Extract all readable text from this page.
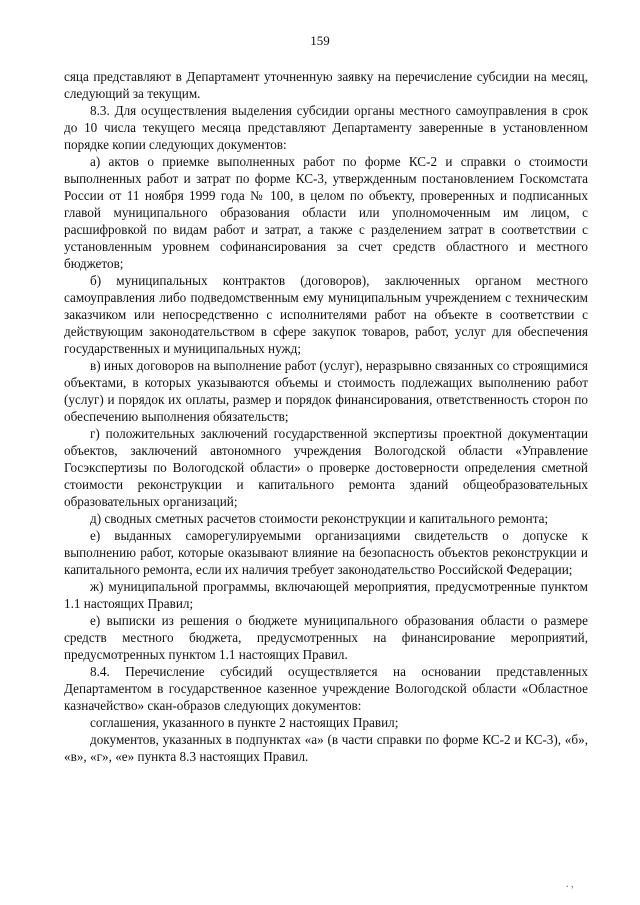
159

сяца представляют в Департамент уточненную заявку на перечисление субсидии на месяц, следующий за текущим.

8.3. Для осуществления выделения субсидии органы местного самоуправления в срок до 10 числа текущего месяца представляют Департаменту заверенные в установленном порядке копии следующих документов:

а) актов о приемке выполненных работ по форме КС-2 и справки о стоимости выполненных работ и затрат по форме КС-3, утвержденным постановлением Госкомстата России от 11 ноября 1999 года № 100, в целом по объекту, проверенных и подписанных главой муниципального образования области или уполномоченным им лицом, с расшифровкой по видам работ и затрат, а также с разделением затрат в соответствии с установленным уровнем софинансирования за счет средств областного и местного бюджетов;

б) муниципальных контрактов (договоров), заключенных органом местного самоуправления либо подведомственным ему муниципальным учреждением с техническим заказчиком или непосредственно с исполнителями работ на объекте в соответствии с действующим законодательством в сфере закупок товаров, работ, услуг для обеспечения государственных и муниципальных нужд;

в) иных договоров на выполнение работ (услуг), неразрывно связанных со строящимися объектами, в которых указываются объемы и стоимость подлежащих выполнению работ (услуг) и порядок их оплаты, размер и порядок финансирования, ответственность сторон по обеспечению выполнения обязательств;

г) положительных заключений государственной экспертизы проектной документации объектов, заключений автономного учреждения Вологодской области «Управление Госэкспертизы по Вологодской области» о проверке достоверности определения сметной стоимости реконструкции и капитального ремонта зданий общеобразовательных образовательных организаций;

д) сводных сметных расчетов стоимости реконструкции и капитального ремонта;

е) выданных саморегулируемыми организациями свидетельств о допуске к выполнению работ, которые оказывают влияние на безопасность объектов реконструкции и капитального ремонта, если их наличия требует законодательство Российской Федерации;

ж) муниципальной программы, включающей мероприятия, предусмотренные пунктом 1.1 настоящих Правил;

е) выписки из решения о бюджете муниципального образования области о размере средств местного бюджета, предусмотренных на финансирование мероприятий, предусмотренных пунктом 1.1 настоящих Правил.

8.4. Перечисление субсидий осуществляется на основании представленных Департаментом в государственное казенное учреждение Вологодской области «Областное казначейство» скан-образов следующих документов:

соглашения, указанного в пункте 2 настоящих Правил;

документов, указанных в подпунктах «а» (в части справки по форме КС-2 и КС-3), «б», «в», «г», «е» пункта 8.3 настоящих Правил.

. ,
